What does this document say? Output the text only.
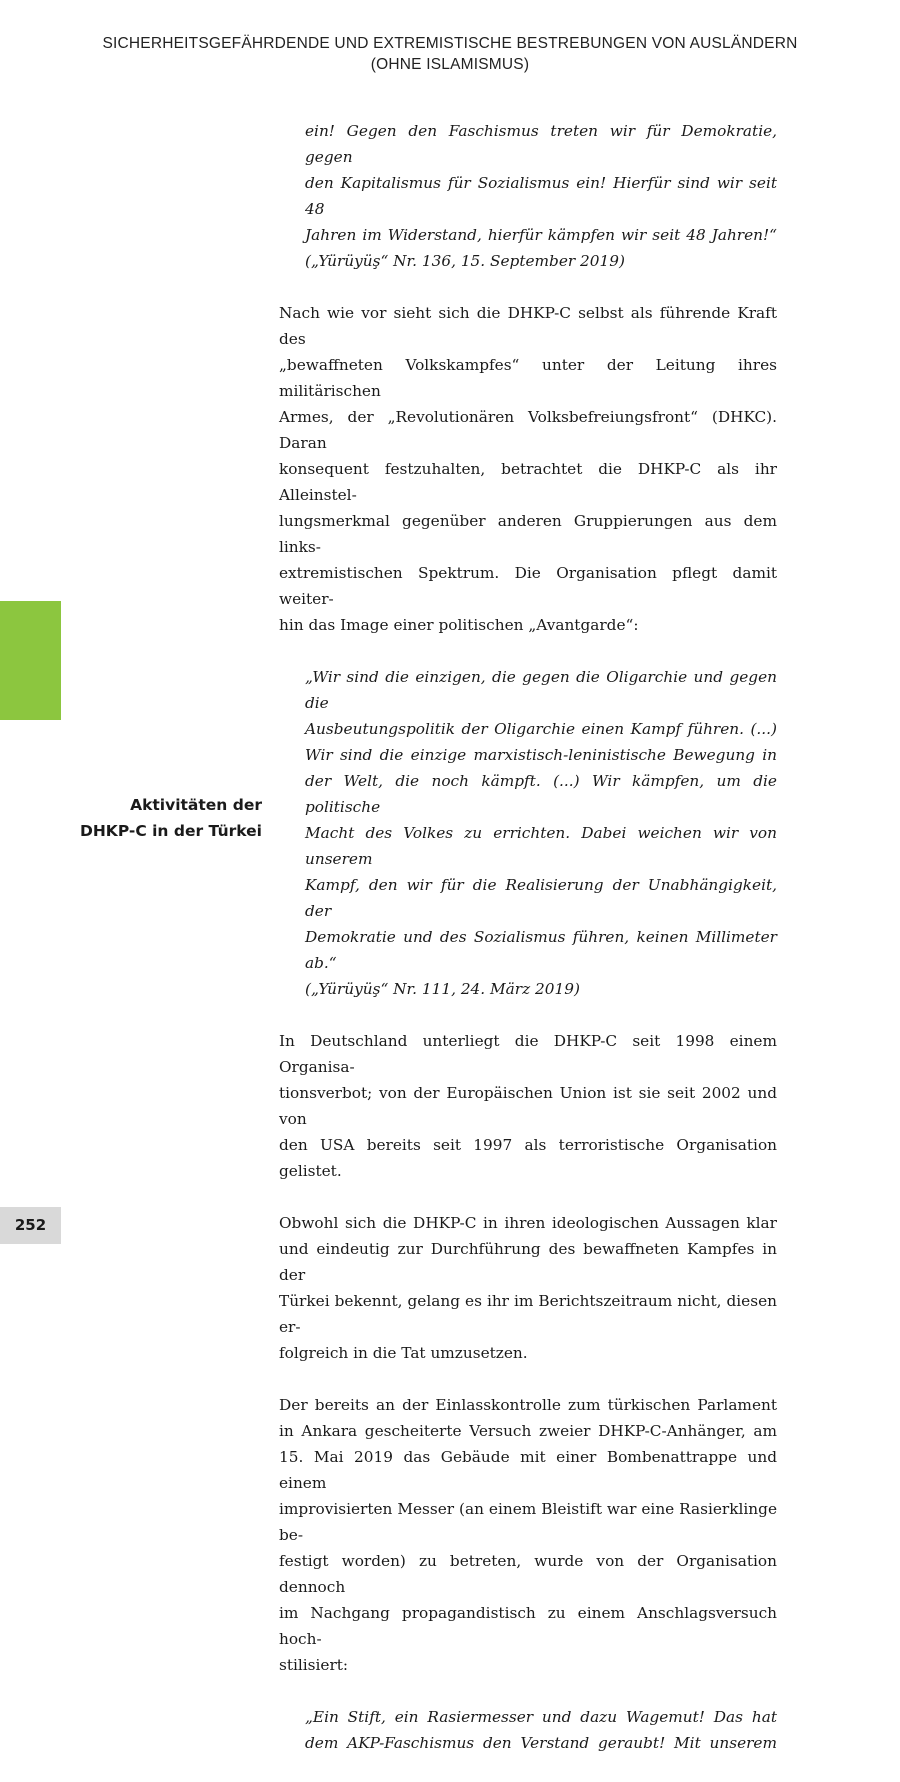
SICHERHEITSGEFÄHRDENDE UND EXTREMISTISCHE BESTREBUNGEN VON AUSLÄNDERN
(OHNE ISLAMISMUS)
Aktivitäten der
DHKP-C in der Türkei
ein! Gegen den Faschismus treten wir für Demokratie, gegen
den Kapitalismus für Sozialismus ein! Hierfür sind wir seit 48
Jahren im Widerstand, hierfür kämpfen wir seit 48 Jahren!“
(„Yürüyüş“ Nr. 136, 15. September 2019)
Nach wie vor sieht sich die DHKP-C selbst als führende Kraft des
„bewaffneten Volkskampfes“ unter der Leitung ihres militärischen
Armes, der „Revolutionären Volksbefreiungsfront“ (DHKC). Daran
konsequent festzuhalten, betrachtet die DHKP-C als ihr Alleinstel-
lungsmerkmal gegenüber anderen Gruppierungen aus dem links-
extremistischen Spektrum. Die Organisation pflegt damit weiter-
hin das Image einer politischen „Avantgarde“:
„Wir sind die einzigen, die gegen die Oligarchie und gegen die
Ausbeutungspolitik der Oligarchie einen Kampf führen. (...)
Wir sind die einzige marxistisch-leninistische Bewegung in
der Welt, die noch kämpft. (...) Wir kämpfen, um die politische
Macht des Volkes zu errichten. Dabei weichen wir von unserem
Kampf, den wir für die Realisierung der Unabhängigkeit, der
Demokratie und des Sozialismus führen, keinen Millimeter ab.“
(„Yürüyüş“ Nr. 111, 24. März 2019)
In Deutschland unterliegt die DHKP-C seit 1998 einem Organisa-
tionsverbot; von der Europäischen Union ist sie seit 2002 und von
den USA bereits seit 1997 als terroristische Organisation gelistet.
Obwohl sich die DHKP-C in ihren ideologischen Aussagen klar
und eindeutig zur Durchführung des bewaffneten Kampfes in der
Türkei bekennt, gelang es ihr im Berichtszeitraum nicht, diesen er-
folgreich in die Tat umzusetzen.
Der bereits an der Einlasskontrolle zum türkischen Parlament
in Ankara gescheiterte Versuch zweier DHKP-C-Anhänger, am
15. Mai 2019 das Gebäude mit einer Bombenattrappe und einem
improvisierten Messer (an einem Bleistift war eine Rasierklinge be-
festigt worden) zu betreten, wurde von der Organisation dennoch
im Nachgang propagandistisch zu einem Anschlagsversuch hoch-
stilisiert:
„Ein Stift, ein Rasiermesser und dazu Wagemut! Das hat
dem AKP-Faschismus den Verstand geraubt! Mit unserem
252
